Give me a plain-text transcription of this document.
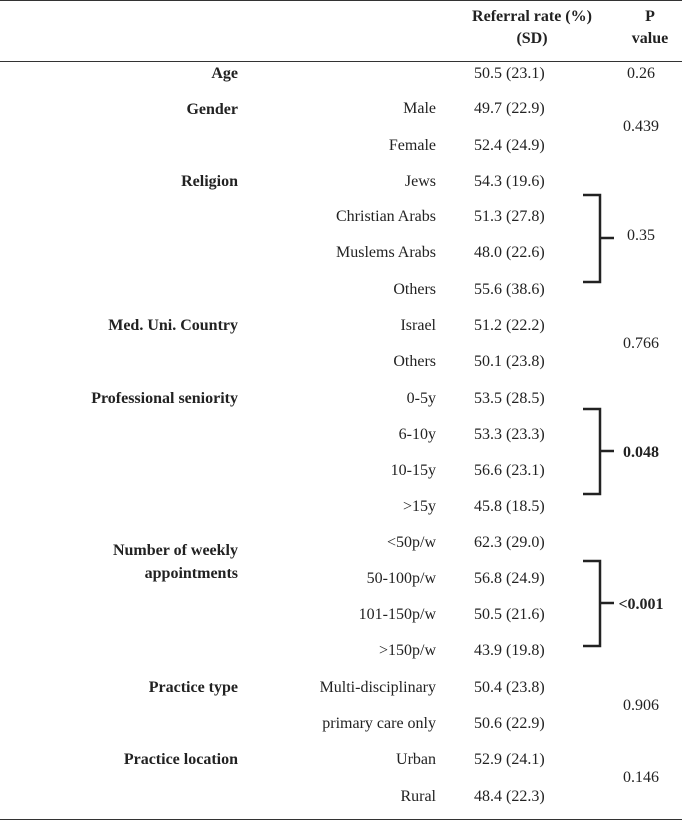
Referral rate (%)
(SD)
P
value
Age	50.5 (23.1)	0.26
Gender	Male 49.7 (22.9)
Female 52.4 (24.9)
0.439
Religion	Jews 54.3 (19.6)
Christian Arabs 51.3 (27.8)
Muslems Arabs 48.0 (22.6)
Others 55.6 (38.6)
0.35
Med. Uni. Country	Israel 51.2 (22.2)
Others 50.1 (23.8)
0.766
Professional seniority	0-5y 53.5 (28.5)
6-10y 53.3 (23.3)
10-15y 56.6 (23.1)
>15y 45.8 (18.5)
0.048
Number of weekly
appointments
<50p/w 62.3 (29.0)
50-100p/w 56.8 (24.9)
101-150p/w 50.5 (21.6)
>150p/w 43.9 (19.8)
<0.001
Practice type	Multi-disciplinary 50.4 (23.8)
primary care only 50.6 (22.9)
0.906
Practice location	Urban 52.9 (24.1)
Rural 48.4 (22.3)
0.146
